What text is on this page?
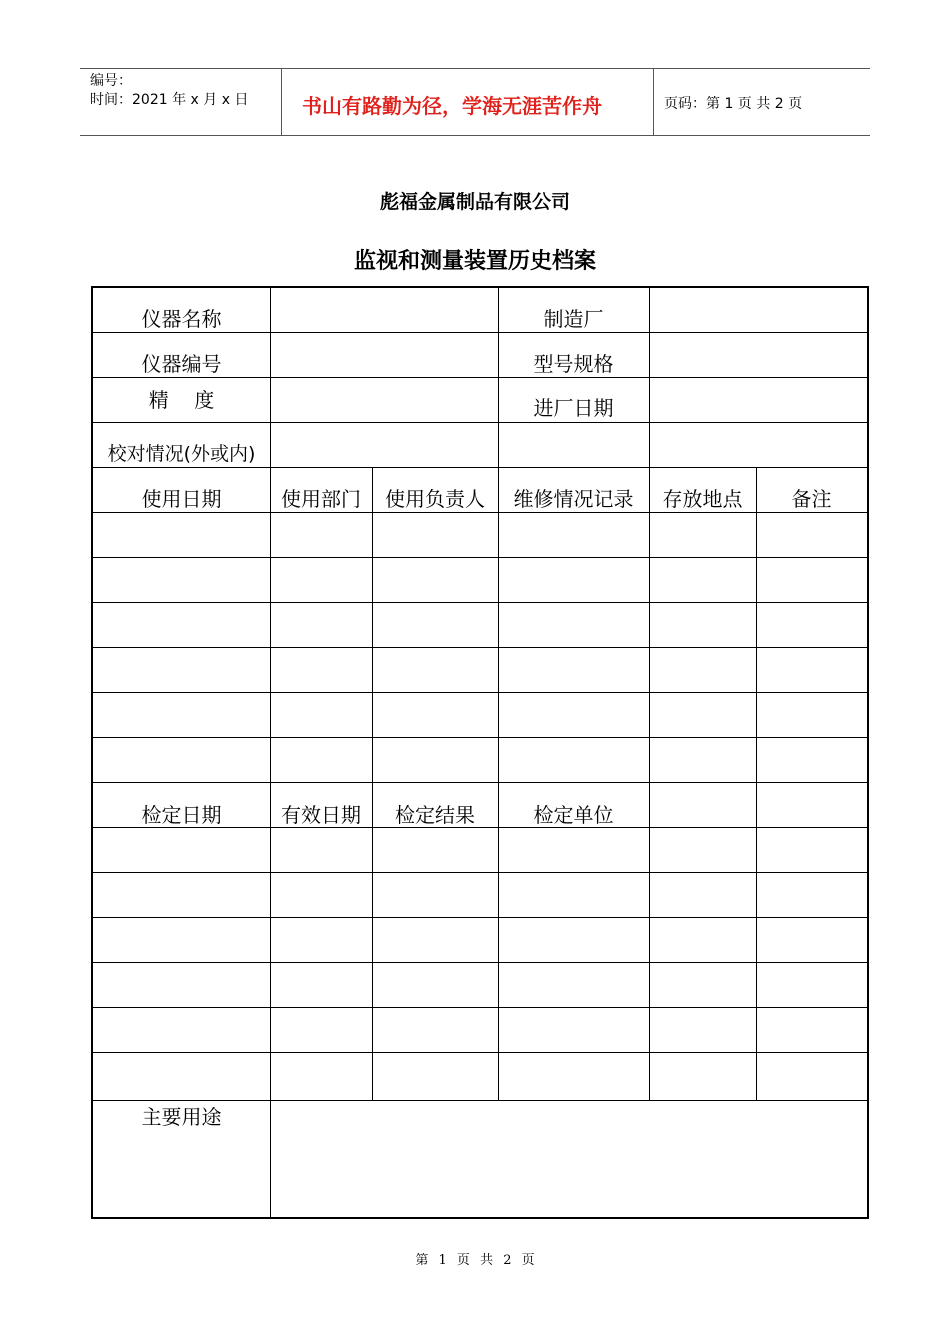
编号：
时间：2021 年 x 月 x 日	书山有路勤为径，学海无涯苦作舟	页码：第 1 页 共 2 页
彪福金属制品有限公司
监视和测量装置历史档案
仪器名称	制造厂
仪器编号	型号规格
精    度	进厂日期
校对情况(外或内)
使用日期	使用部门	使用负责人	维修情况记录	存放地点	备注
检定日期	有效日期	检定结果	检定单位
主要用途
第 1 页 共 2 页
